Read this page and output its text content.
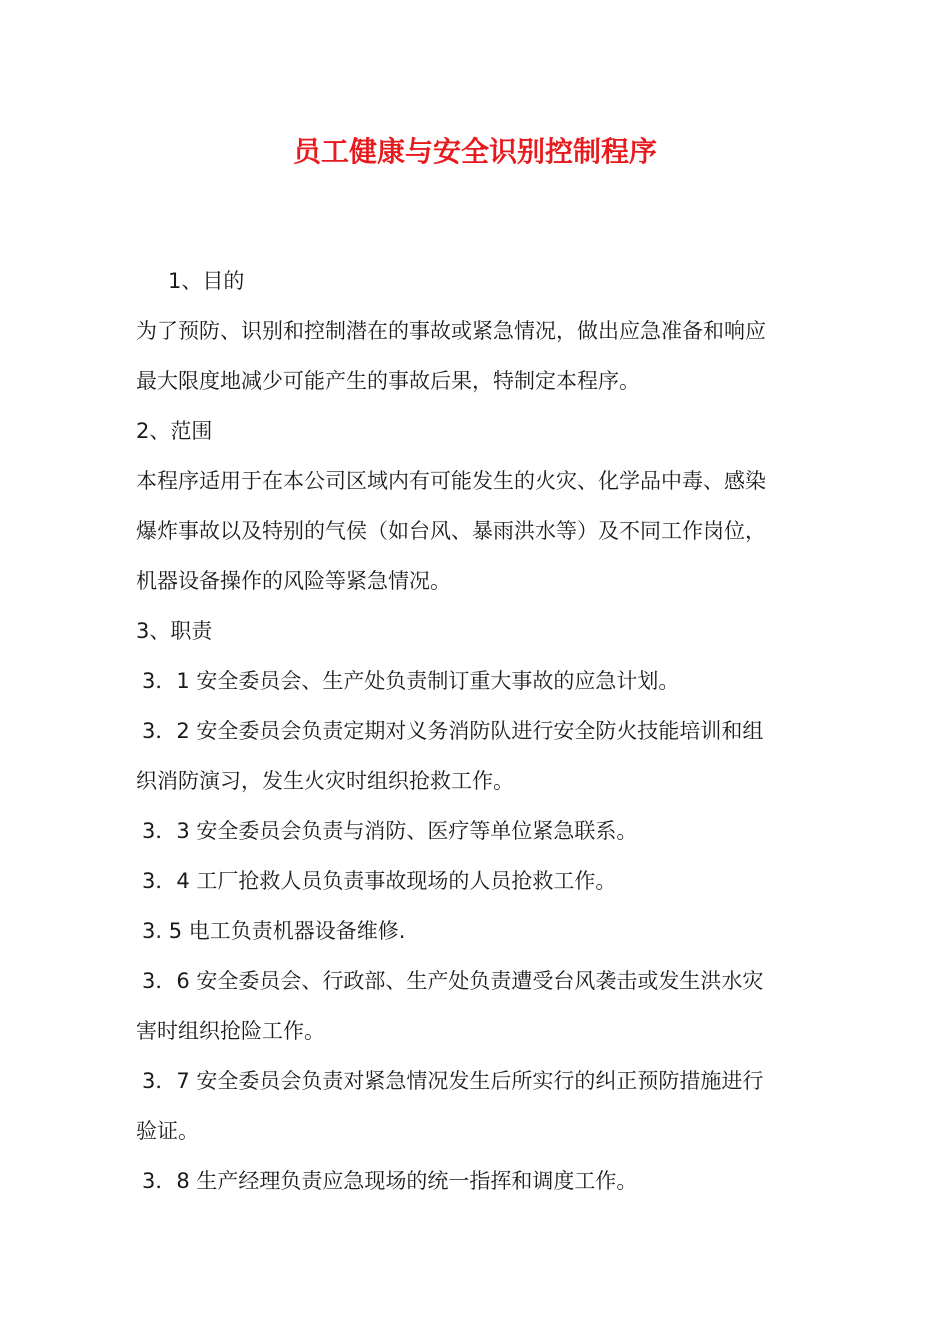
员工健康与安全识别控制程序
1、目的
为了预防、识别和控制潜在的事故或紧急情况，做出应急准备和响应
最大限度地减少可能产生的事故后果，特制定本程序。
2、范围
本程序适用于在本公司区域内有可能发生的火灾、化学品中毒、感染
爆炸事故以及特别的气侯（如台风、暴雨洪水等）及不同工作岗位，
机器设备操作的风险等紧急情况。
3、职责
3．1 安全委员会、生产处负责制订重大事故的应急计划。
3．2 安全委员会负责定期对义务消防队进行安全防火技能培训和组
织消防演习，发生火灾时组织抢救工作。
3．3 安全委员会负责与消防、医疗等单位紧急联系。
3．4 工厂抢救人员负责事故现场的人员抢救工作。
3. 5 电工负责机器设备维修.
3．6 安全委员会、行政部、生产处负责遭受台风袭击或发生洪水灾
害时组织抢险工作。
3．7 安全委员会负责对紧急情况发生后所实行的纠正预防措施进行
验证。
3．8 生产经理负责应急现场的统一指挥和调度工作。
